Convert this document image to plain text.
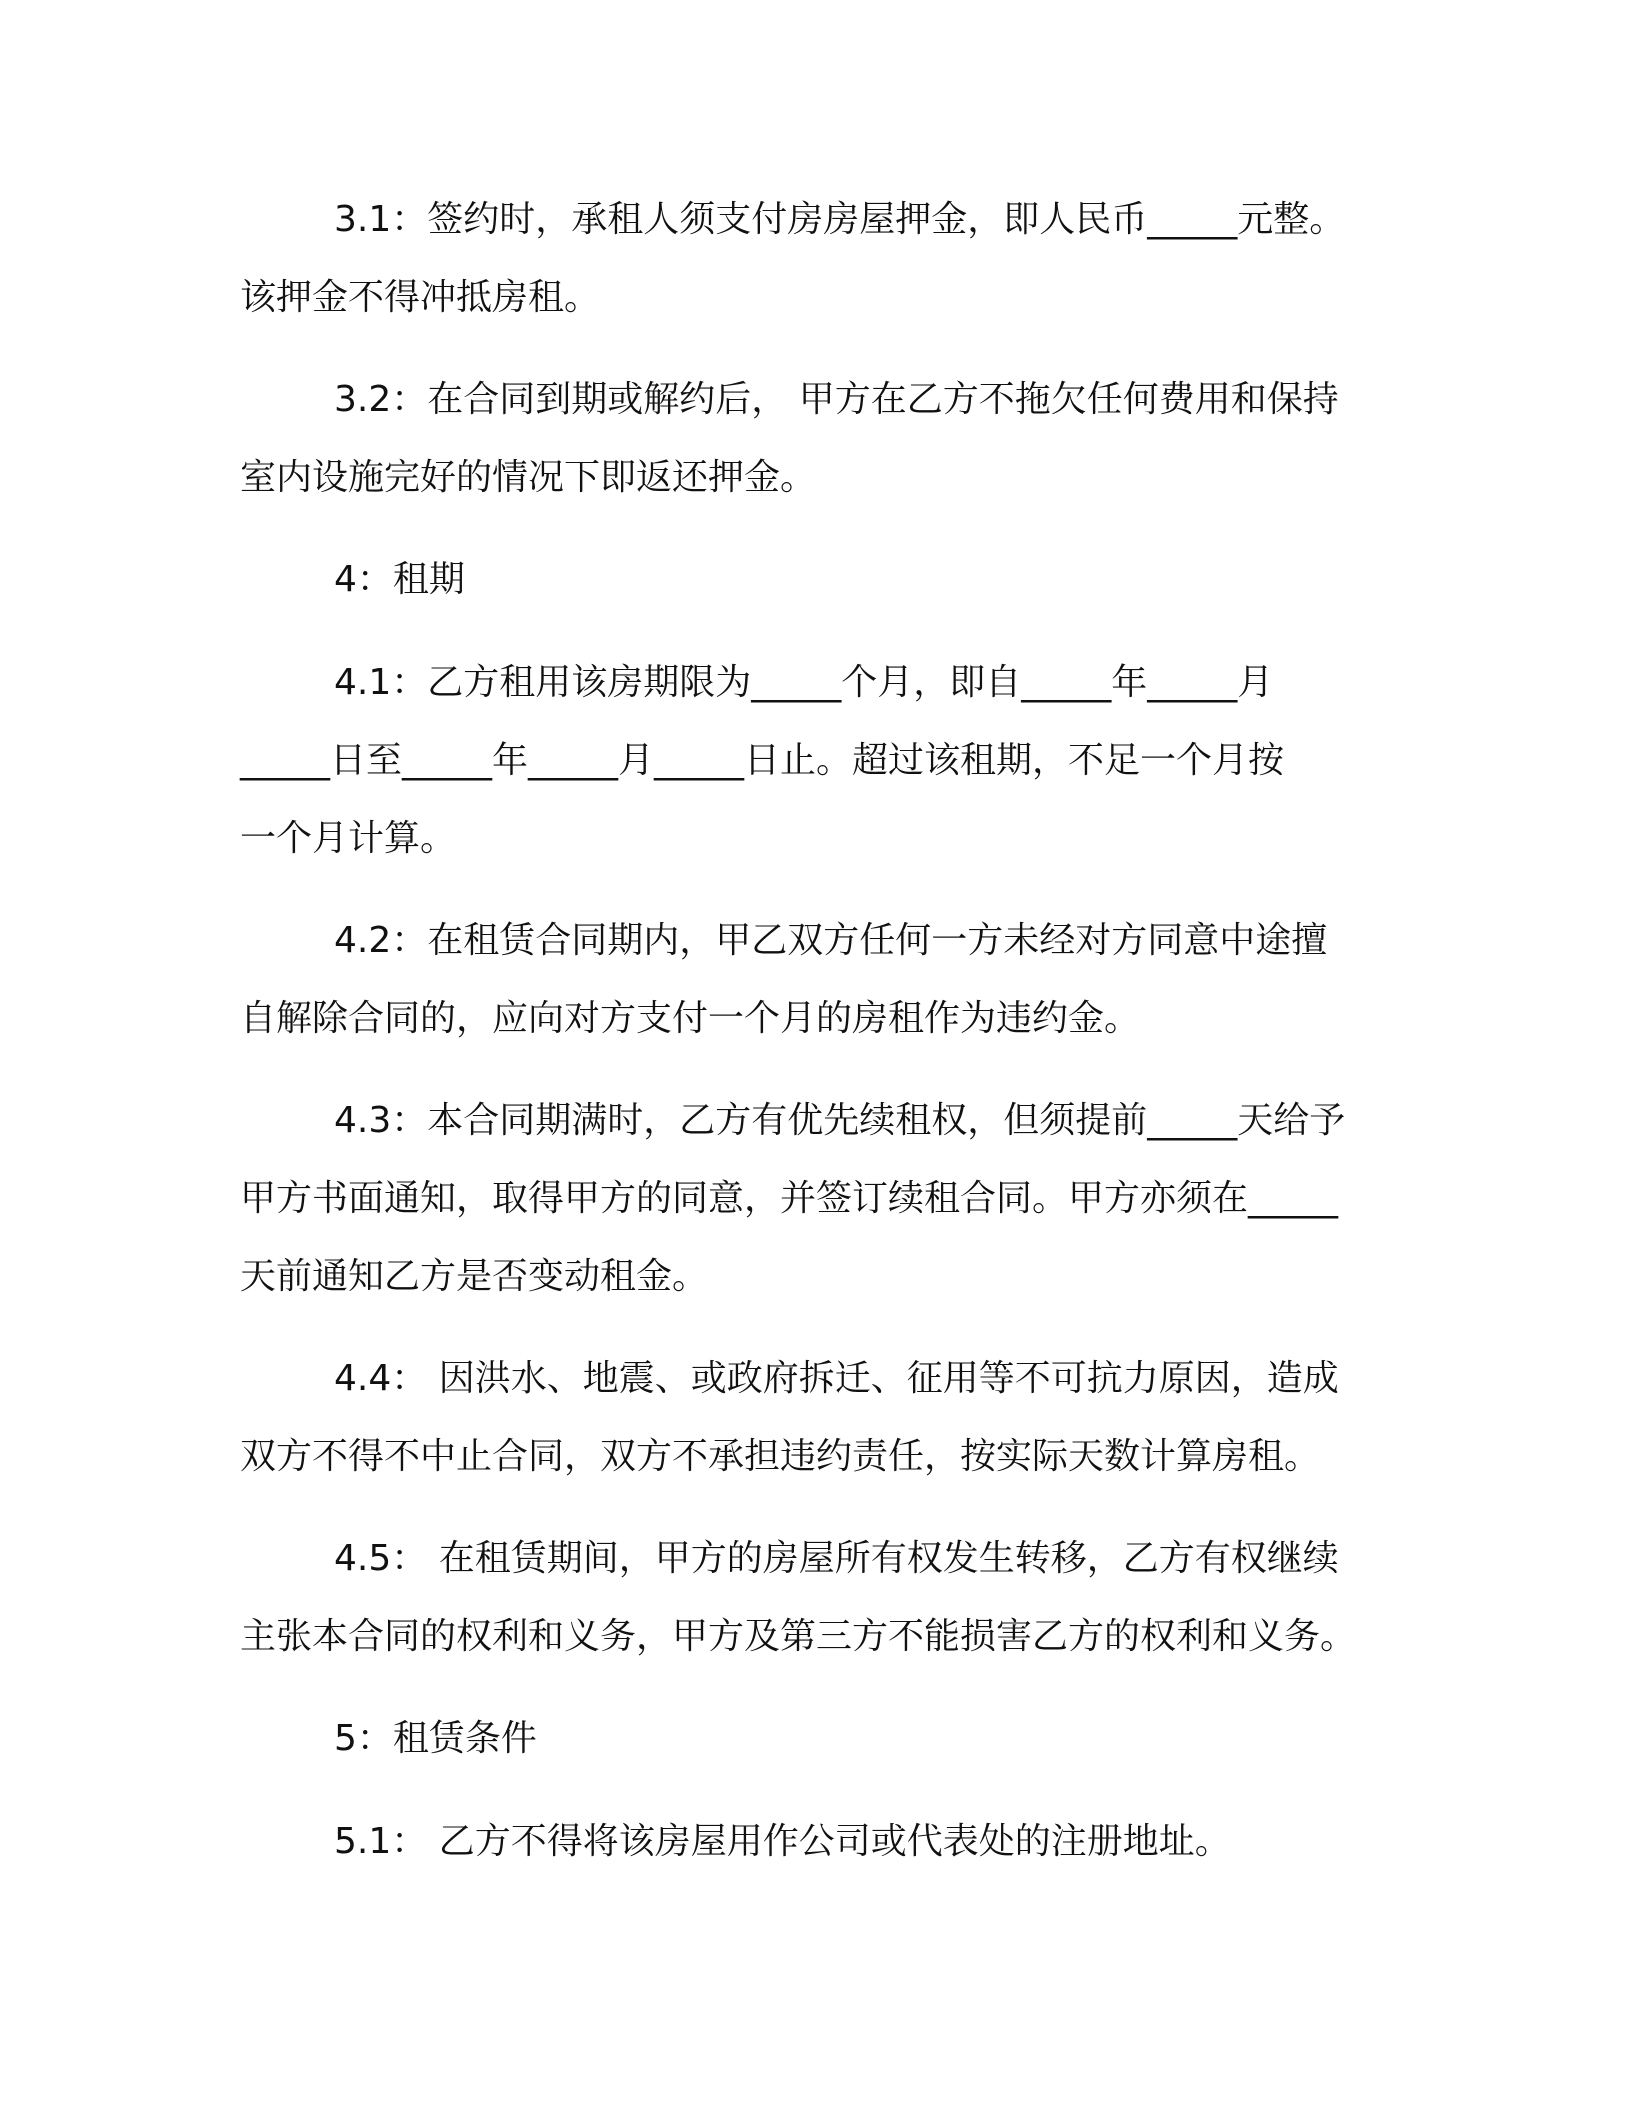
3.1：签约时，承租人须支付房房屋押金，即人民币_____元整。
该押金不得冲抵房租。

3.2：在合同到期或解约后， 甲方在乙方不拖欠任何费用和保持
室内设施完好的情况下即返还押金。

4：租期

4.1：乙方租用该房期限为_____个月，即自_____年_____月
_____日至_____年_____月_____日止。超过该租期，不足一个月按
一个月计算。

4.2：在租赁合同期内，甲乙双方任何一方未经对方同意中途擅
自解除合同的，应向对方支付一个月的房租作为违约金。

4.3：本合同期满时，乙方有优先续租权，但须提前_____天给予
甲方书面通知，取得甲方的同意，并签订续租合同。甲方亦须在_____
天前通知乙方是否变动租金。

4.4： 因洪水、地震、或政府拆迁、征用等不可抗力原因，造成
双方不得不中止合同，双方不承担违约责任，按实际天数计算房租。

4.5： 在租赁期间，甲方的房屋所有权发生转移，乙方有权继续
主张本合同的权利和义务，甲方及第三方不能损害乙方的权利和义务。

5：租赁条件

5.1： 乙方不得将该房屋用作公司或代表处的注册地址。
